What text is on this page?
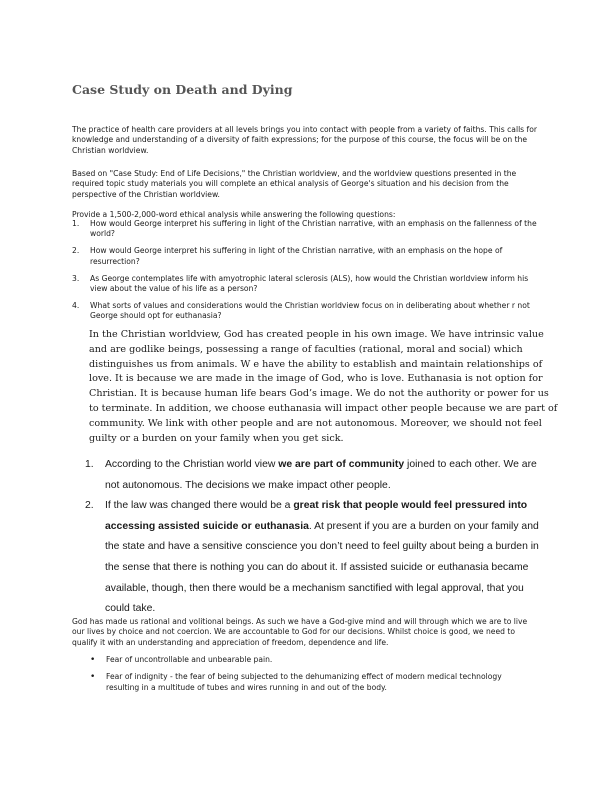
Case Study on Death and Dying

The practice of health care providers at all levels brings you into contact with people from a variety of faiths. This calls for knowledge and understanding of a diversity of faith expressions; for the purpose of this course, the focus will be on the Christian worldview.

Based on "Case Study: End of Life Decisions," the Christian worldview, and the worldview questions presented in the required topic study materials you will complete an ethical analysis of George's situation and his decision from the perspective of the Christian worldview.

Provide a 1,500-2,000-word ethical analysis while answering the following questions:

1. How would George interpret his suffering in light of the Christian narrative, with an emphasis on the fallenness of the world?
2. How would George interpret his suffering in light of the Christian narrative, with an emphasis on the hope of resurrection?
3. As George contemplates life with amyotrophic lateral sclerosis (ALS), how would the Christian worldview inform his view about the value of his life as a person?
4. What sorts of values and considerations would the Christian worldview focus on in deliberating about whether r not George should opt for euthanasia?

In the Christian worldview, God has created people in his own image. We have intrinsic value and are godlike beings, possessing a range of faculties (rational, moral and social) which distinguishes us from animals. W e have the ability to establish and maintain relationships of love. It is because we are made in the image of God, who is love. Euthanasia is not option for Christian. It is because human life bears God’s image. We do not the authority or power for us to terminate. In addition, we choose euthanasia will impact other people because we are part of community. We link with other people and are not autonomous. Moreover, we should not feel guilty or a burden on your family when you get sick.

1. According to the Christian world view we are part of community joined to each other. We are not autonomous. The decisions we make impact other people.
2. If the law was changed there would be a great risk that people would feel pressured into accessing assisted suicide or euthanasia. At present if you are a burden on your family and the state and have a sensitive conscience you don’t need to feel guilty about being a burden in the sense that there is nothing you can do about it. If assisted suicide or euthanasia became available, though, then there would be a mechanism sanctified with legal approval, that you could take.

God has made us rational and volitional beings. As such we have a God-give mind and will through which we are to live our lives by choice and not coercion. We are accountable to God for our decisions. Whilst choice is good, we need to qualify it with an understanding and appreciation of freedom, dependence and life.

• Fear of uncontrollable and unbearable pain.
• Fear of indignity - the fear of being subjected to the dehumanizing effect of modern medical technology resulting in a multitude of tubes and wires running in and out of the body.
